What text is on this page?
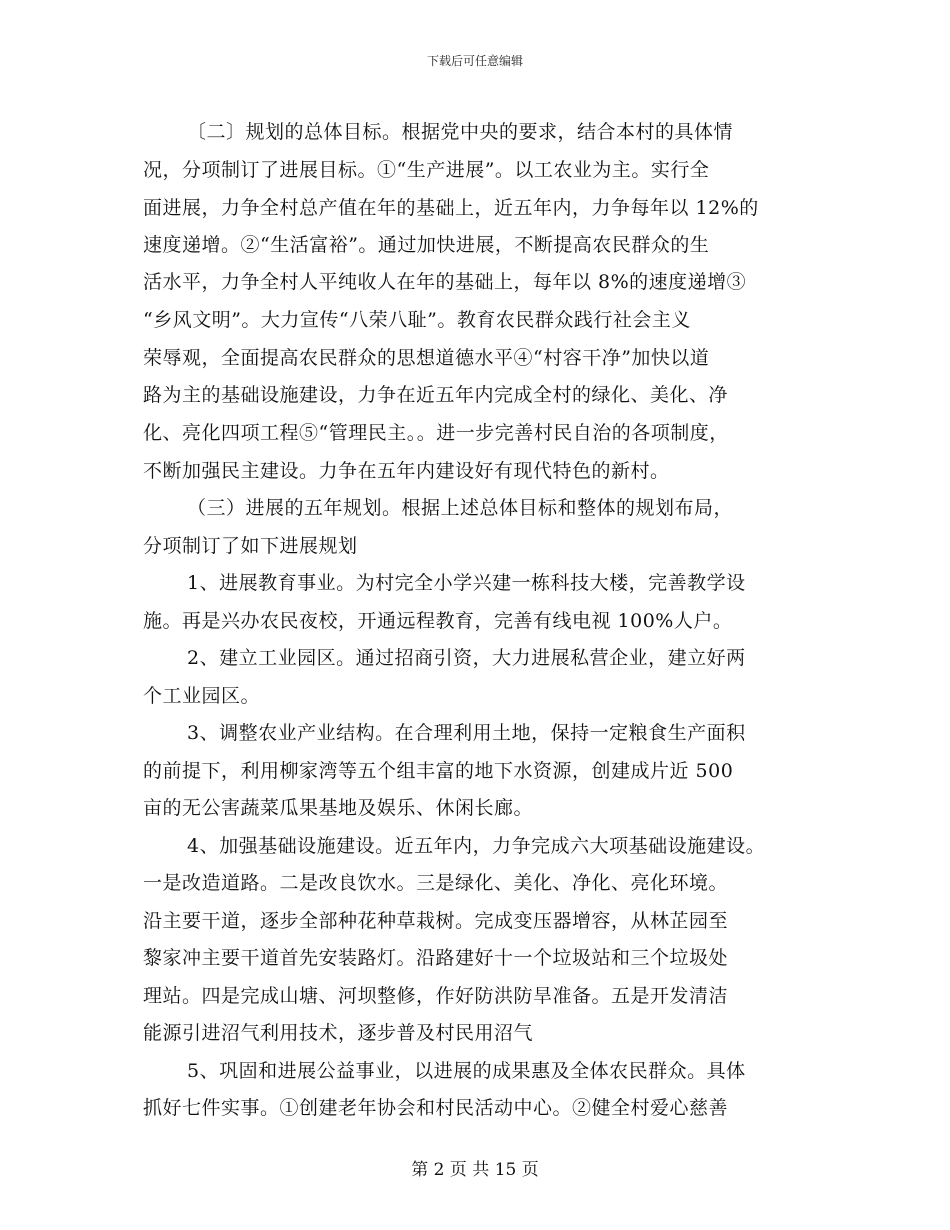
下载后可任意编辑
〔二〕规划的总体目标。根据党中央的要求，结合本村的具体情
况，分项制订了进展目标。①“生产进展”。以工农业为主。实行全
面进展，力争全村总产值在年的基础上，近五年内，力争每年以 12%的
速度递增。②“生活富裕”。通过加快进展，不断提高农民群众的生
活水平，力争全村人平纯收人在年的基础上，每年以 8%的速度递增③
“乡风文明”。大力宣传“八荣八耻”。教育农民群众践行社会主义
荣辱观，全面提高农民群众的思想道德水平④“村容干净”加快以道
路为主的基础设施建设，力争在近五年内完成全村的绿化、美化、净
化、亮化四项工程⑤“管理民主。。进一步完善村民自治的各项制度，
不断加强民主建设。力争在五年内建设好有现代特色的新村。
（三）进展的五年规划。根据上述总体目标和整体的规划布局，
分项制订了如下进展规划
1、进展教育事业。为村完全小学兴建一栋科技大楼，完善教学设
施。再是兴办农民夜校，开通远程教育，完善有线电视 100%人户。
2、建立工业园区。通过招商引资，大力进展私营企业，建立好两
个工业园区。
3、调整农业产业结构。在合理利用土地，保持一定粮食生产面积
的前提下，利用柳家湾等五个组丰富的地下水资源，创建成片近 500
亩的无公害蔬菜瓜果基地及娱乐、休闲长廊。
4、加强基础设施建设。近五年内，力争完成六大项基础设施建设。
一是改造道路。二是改良饮水。三是绿化、美化、净化、亮化环境。
沿主要干道，逐步全部种花种草栽树。完成变压器增容，从林芷园至
黎家冲主要干道首先安装路灯。沿路建好十一个垃圾站和三个垃圾处
理站。四是完成山塘、河坝整修，作好防洪防旱准备。五是开发清洁
能源引进沼气利用技术，逐步普及村民用沼气
5、巩固和进展公益事业，以进展的成果惠及全体农民群众。具体
抓好七件实事。①创建老年协会和村民活动中心。②健全村爱心慈善
第 2 页 共 15 页
